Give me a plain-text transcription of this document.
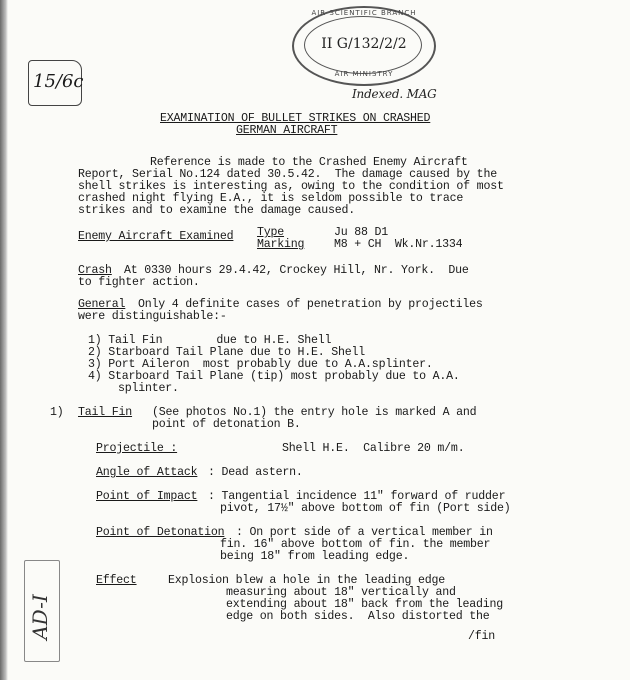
AIR SCIENTIFIC BRANCH
II G/132/2/2
AIR MINISTRY
15/6c
Indexed. MAG
EXAMINATION OF BULLET STRIKES ON CRASHED
GERMAN AIRCRAFT
Reference is made to the Crashed Enemy Aircraft
Report, Serial No.124 dated 30.5.42.  The damage caused by the
shell strikes is interesting as, owing to the condition of most
crashed night flying E.A., it is seldom possible to trace
strikes and to examine the damage caused.
Enemy Aircraft Examined Type	Ju 88 D1
Marking	M8 + CH  Wk.Nr.1334
Crash At 0330 hours 29.4.42, Crockey Hill, Nr. York.  Due
to fighter action.
General Only 4 definite cases of penetration by projectiles
were distinguishable:-
1) Tail Fin        due to H.E. Shell
2) Starboard Tail Plane due to H.E. Shell
3) Port Aileron  most probably due to A.A.splinter.
4) Starboard Tail Plane (tip) most probably due to A.A.
splinter.
1) Tail Fin (See photos No.1) the entry hole is marked A and
point of detonation B.
Projectile :	Shell H.E.  Calibre 20 m/m.
Angle of Attack : Dead astern.
Point of Impact : Tangential incidence 11" forward of rudder
pivot, 17½" above bottom of fin (Port side)
Point of Detonation : On port side of a vertical member in
fin. 16" above bottom of fin. the member
being 18" from leading edge.
Effect	Explosion blew a hole in the leading edge
measuring about 18" vertically and
extending about 18" back from the leading
edge on both sides.  Also distorted the
/fin
AD-I
